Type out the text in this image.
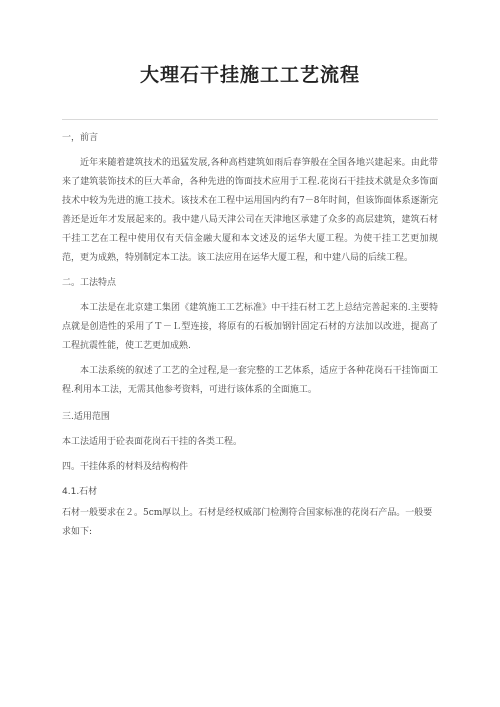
大理石干挂施工工艺流程

一，前言

近年来随着建筑技术的迅猛发展,各种高档建筑如雨后春笋般在全国各地兴建起来。由此带来了建筑装饰技术的巨大革命，各种先进的饰面技术应用于工程.花岗石干挂技术就是众多饰面技术中较为先进的施工技术。该技术在工程中运用国内约有7－8年时间，但该饰面体系逐渐完善还是近年才发展起来的。我中建八局天津公司在天津地区承建了众多的高层建筑，建筑石材干挂工艺在工程中使用仅有天信金融大厦和本文述及的运华大厦工程。为使干挂工艺更加规范，更为成熟，特别制定本工法。该工法应用在运华大厦工程，和中建八局的后续工程。

二。工法特点

本工法是在北京建工集团《建筑施工工艺标准》中干挂石材工艺上总结完善起来的.主要特点就是创造性的采用了Ｔ－Ｌ型连接，将原有的石板加钢针固定石材的方法加以改进，提高了工程抗震性能，使工艺更加成熟.

本工法系统的叙述了工艺的全过程,是一套完整的工艺体系，适应于各种花岗石干挂饰面工程.利用本工法，无需其他参考资料，可进行该体系的全面施工。

三.适用范围

本工法适用于砼表面花岗石干挂的各类工程。

四。干挂体系的材料及结构构件

4.1.石材

石材一般要求在２。5cm厚以上。石材是经权威部门检测符合国家标准的花岗石产品。一般要求如下:
